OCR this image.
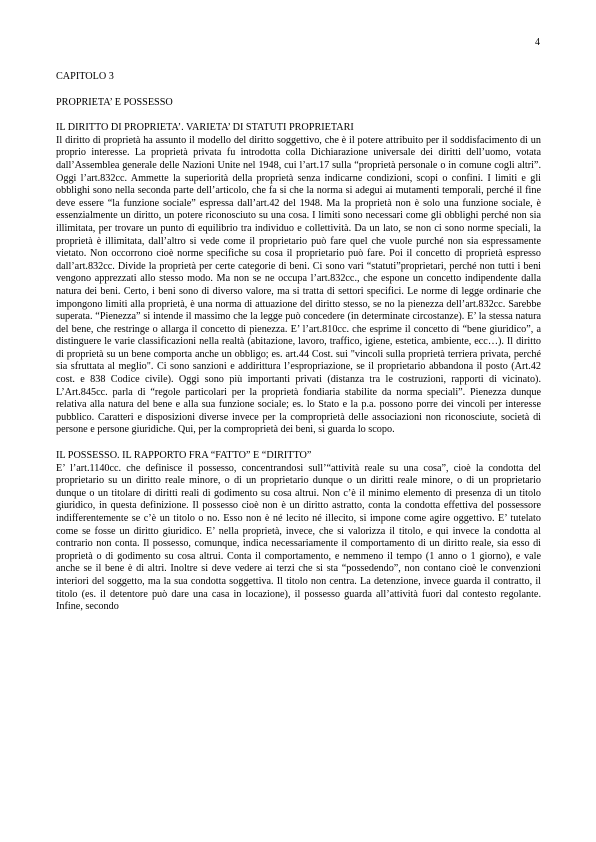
4

CAPITOLO 3

PROPRIETA’ E POSSESSO

IL DIRITTO DI PROPRIETA’. VARIETA’ DI STATUTI PROPRIETARI

Il diritto di proprietà ha assunto il modello del diritto soggettivo, che è il potere attribuito per il soddisfacimento di un proprio interesse. La proprietà privata fu introdotta colla Dichiarazione universale dei diritti dell’uomo, votata dall’Assemblea generale delle Nazioni Unite nel 1948, cui l’art.17 sulla “proprietà personale o in comune cogli altri”. Oggi l’art.832cc. Ammette la superiorità della proprietà senza indicarne condizioni, scopi o confini. I limiti e gli obblighi sono nella seconda parte dell’articolo, che fa si che la norma si adegui ai mutamenti temporali, perché il fine deve essere “la funzione sociale” espressa dall’art.42 del 1948. Ma la proprietà non è solo una funzione sociale, è essenzialmente un diritto, un potere riconosciuto su una cosa. I limiti sono necessari come gli obblighi perché non sia illimitata, per trovare un punto di equilibrio tra individuo e collettività. Da un lato, se non ci sono norme speciali, la proprietà è illimitata, dall’altro si vede come il proprietario può fare quel che vuole purché non sia espressamente vietato. Non occorrono cioè norme specifiche su cosa il proprietario può fare. Poi il concetto di proprietà espresso dall’art.832cc. Divide la proprietà per certe categorie di beni. Ci sono vari “statuti”proprietari, perché non tutti i beni vengono apprezzati allo stesso modo. Ma non se ne occupa l’art.832cc., che espone un concetto indipendente dalla natura dei beni. Certo, i beni sono di diverso valore, ma si tratta di settori specifici. Le norme di legge ordinarie che impongono limiti alla proprietà, è una norma di attuazione del diritto stesso, se no la pienezza dell’art.832cc. Sarebbe superata. “Pienezza” si intende il massimo che la legge può concedere (in determinate circostanze). E’ la stessa natura del bene, che restringe o allarga il concetto di pienezza. E’ l’art.810cc. che esprime il concetto di “bene giuridico”, a distinguere le varie classificazioni nella realtà (abitazione, lavoro, traffico, igiene, estetica, ambiente, ecc…). Il diritto di proprietà su un bene comporta anche un obbligo; es. art.44 Cost. sui "vincoli sulla proprietà terriera privata, perché sia sfruttata al meglio". Ci sono sanzioni e addirittura l’espropriazione, se il proprietario abbandona il posto (Art.42 cost. e 838 Codice civile). Oggi sono più importanti privati (distanza tra le costruzioni, rapporti di vicinato). L’Art.845cc. parla di “regole particolari per la proprietà fondiaria stabilite da norma speciali”. Pienezza dunque relativa alla natura del bene e alla sua funzione sociale; es. lo Stato e la p.a. possono porre dei vincoli per interesse pubblico. Caratteri e disposizioni diverse invece per la comproprietà delle associazioni non riconosciute, società di persone e persone giuridiche. Qui, per la comproprietà dei beni, si guarda lo scopo.

IL POSSESSO. IL RAPPORTO FRA “FATTO” E “DIRITTO”

E’ l’art.1140cc. che definisce il possesso, concentrandosi sull’“attività reale su una cosa”, cioè la condotta del proprietario su un diritto reale minore, o di un proprietario dunque o un diritti reale minore, o di un proprietario dunque o un titolare di diritti reali di godimento su cosa altrui. Non c’è il minimo elemento di presenza di un titolo giuridico, in questa definizione. Il possesso cioè non è un diritto astratto, conta la condotta effettiva del possessore indifferentemente se c’è un titolo o no. Esso non è né lecito né illecito, si impone come agire oggettivo. E’ tutelato come se fosse un diritto giuridico. E’ nella proprietà, invece, che si valorizza il titolo, e qui invece la condotta al contrario non conta. Il possesso, comunque, indica necessariamente il comportamento di un diritto reale, sia esso di proprietà o di godimento su cosa altrui. Conta il comportamento, e nemmeno il tempo (1 anno o 1 giorno), e vale anche se il bene è di altri. Inoltre si deve vedere ai terzi che si sta “possedendo”, non contano cioè le convenzioni interiori del soggetto, ma la sua condotta soggettiva. Il titolo non centra. La detenzione, invece guarda il contratto, il titolo (es. il detentore può dare una casa in locazione), il possesso guarda all’attività fuori dal contesto regolante. Infine, secondo
